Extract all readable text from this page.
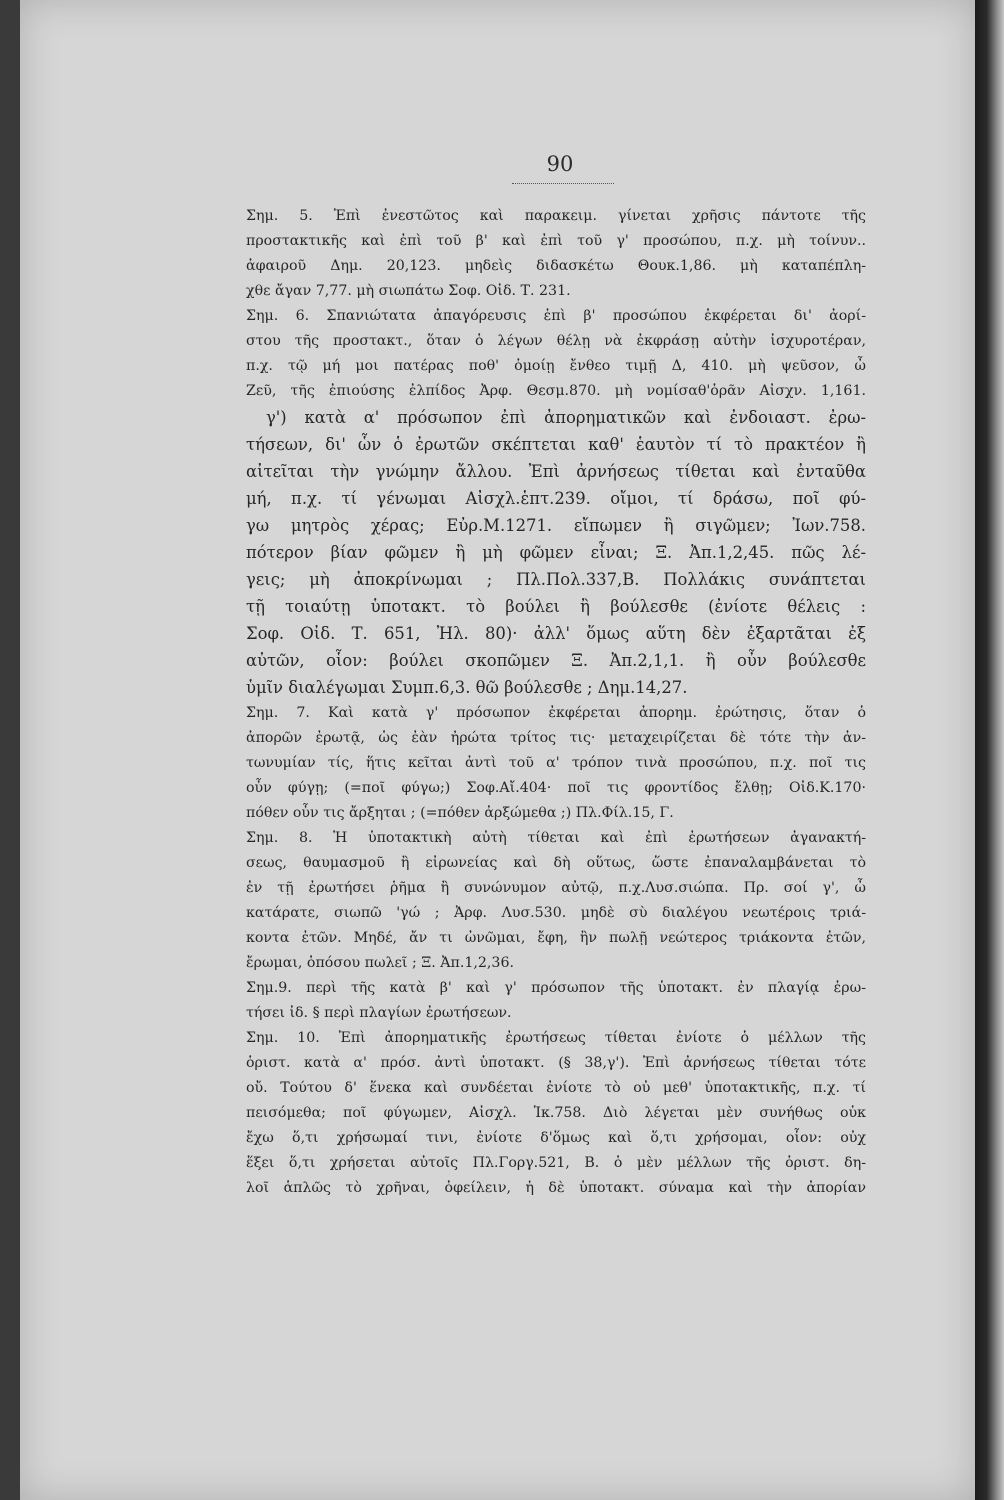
90
Σημ. 5. Ἐπὶ ἐνεστῶτος καὶ παρακειμ. γίνεται χρῆσις πάντοτε τῆς
προστακτικῆς καὶ ἐπὶ τοῦ β' καὶ ἐπὶ τοῦ γ' προσώπου, π.χ. μὴ τοίνυν..
ἀφαιροῦ Δημ. 20,123. μηδεὶς διδασκέτω Θουκ.1,86. μὴ καταπέπλη-
χθε ἄγαν 7,77. μὴ σιωπάτω Σοφ. Οἰδ. Τ. 231.
Σημ. 6. Σπανιώτατα ἀπαγόρευσις ἐπὶ β' προσώπου ἐκφέρεται δι' ἀορί-
στου τῆς προστακτ., ὅταν ὁ λέγων θέλῃ νὰ ἐκφράσῃ αὐτὴν ἰσχυροτέραν,
π.χ. τῷ μή μοι πατέρας ποθ' ὁμοίῃ ἔνθεο τιμῇ Δ, 410. μὴ ψεῦσον, ὦ
Ζεῦ, τῆς ἐπιούσης ἐλπίδος Ἀρφ. Θεσμ.870. μὴ νομίσαθ'ὁρᾶν Αἰσχν. 1,161.
γ') κατὰ α' πρόσωπον ἐπὶ ἀπορηματικῶν καὶ ἐνδοιαστ. ἐρω-
τήσεων, δι' ὧν ὁ ἐρωτῶν σκέπτεται καθ' ἑαυτὸν τί τὸ πρακτέον ἢ
αἰτεῖται τὴν γνώμην ἄλλου. Ἐπὶ ἀρνήσεως τίθεται καὶ ἐνταῦθα
μή, π.χ. τί γένωμαι Αἰσχλ.ἑπτ.239. οἴμοι, τί δράσω, ποῖ φύ-
γω μητρὸς χέρας; Εὐρ.Μ.1271. εἴπωμεν ἢ σιγῶμεν; Ἰων.758.
πότερον βίαν φῶμεν ἢ μὴ φῶμεν εἶναι; Ξ. Ἀπ.1,2,45. πῶς λέ-
γεις; μὴ ἀποκρίνωμαι ; Πλ.Πολ.337,Β. Πολλάκις συνάπτεται
τῇ τοιαύτῃ ὑποτακτ. τὸ βούλει ἢ βούλεσθε (ἐνίοτε θέλεις :
Σοφ. Οἰδ. Τ. 651, Ἠλ. 80)· ἀλλ' ὅμως αὕτη δὲν ἐξαρτᾶται ἐξ
αὐτῶν, οἷον: βούλει σκοπῶμεν Ξ. Ἀπ.2,1,1. ἢ οὖν βούλεσθε
ὑμῖν διαλέγωμαι Συμπ.6,3. θῶ βούλεσθε ; Δημ.14,27.
Σημ. 7. Καὶ κατὰ γ' πρόσωπον ἐκφέρεται ἀπορημ. ἐρώτησις, ὅταν ὁ
ἀπορῶν ἐρωτᾷ, ὡς ἐὰν ἠρώτα τρίτος τις· μεταχειρίζεται δὲ τότε τὴν ἀν-
τωνυμίαν τίς, ἥτις κεῖται ἀντὶ τοῦ α' τρόπον τινὰ προσώπου, π.χ. ποῖ τις
οὖν φύγῃ; (=ποῖ φύγω;) Σοφ.Αἴ.404· ποῖ τις φροντίδος ἔλθῃ; Οἰδ.Κ.170·
πόθεν οὖν τις ἄρξηται ; (=πόθεν ἀρξώμεθα ;) Πλ.Φίλ.15, Γ.
Σημ. 8. Ἡ ὑποτακτικὴ αὐτὴ τίθεται καὶ ἐπὶ ἐρωτήσεων ἀγανακτή-
σεως, θαυμασμοῦ ἢ εἰρωνείας καὶ δὴ οὕτως, ὥστε ἐπαναλαμβάνεται τὸ
ἐν τῇ ἐρωτήσει ῥῆμα ἢ συνώνυμον αὐτῷ, π.χ.Λυσ.σιώπα. Πρ. σοί γ', ὦ
κατάρατε, σιωπῶ 'γώ ; Ἀρφ. Λυσ.530. μηδὲ σὺ διαλέγου νεωτέροις τριά-
κοντα ἐτῶν. Μηδέ, ἄν τι ὠνῶμαι, ἔφη, ἢν πωλῇ νεώτερος τριάκοντα ἐτῶν,
ἔρωμαι, ὁπόσου πωλεῖ ; Ξ. Ἀπ.1,2,36.
Σημ.9. περὶ τῆς κατὰ β' καὶ γ' πρόσωπον τῆς ὑποτακτ. ἐν πλαγίᾳ ἐρω-
τήσει ἰδ. § περὶ πλαγίων ἐρωτήσεων.
Σημ. 10. Ἐπὶ ἀπορηματικῆς ἐρωτήσεως τίθεται ἐνίοτε ὁ μέλλων τῆς
ὁριστ. κατὰ α' πρόσ. ἀντὶ ὑποτακτ. (§ 38,γ'). Ἐπὶ ἀρνήσεως τίθεται τότε
οὔ. Τούτου δ' ἕνεκα καὶ συνδέεται ἐνίοτε τὸ οὐ μεθ' ὑποτακτικῆς, π.χ. τί
πεισόμεθα; ποῖ φύγωμεν, Αἰσχλ. Ἱκ.758. Διὸ λέγεται μὲν συνήθως οὐκ
ἔχω ὅ,τι χρήσωμαί τινι, ἐνίοτε δ'ὅμως καὶ ὅ,τι χρήσομαι, οἷον: οὐχ
ἕξει ὅ,τι χρήσεται αὐτοῖς Πλ.Γοργ.521, Β. ὁ μὲν μέλλων τῆς ὁριστ. δη-
λοῖ ἁπλῶς τὸ χρῆναι, ὀφείλειν, ἡ δὲ ὑποτακτ. σύναμα καὶ τὴν ἀπορίαν
